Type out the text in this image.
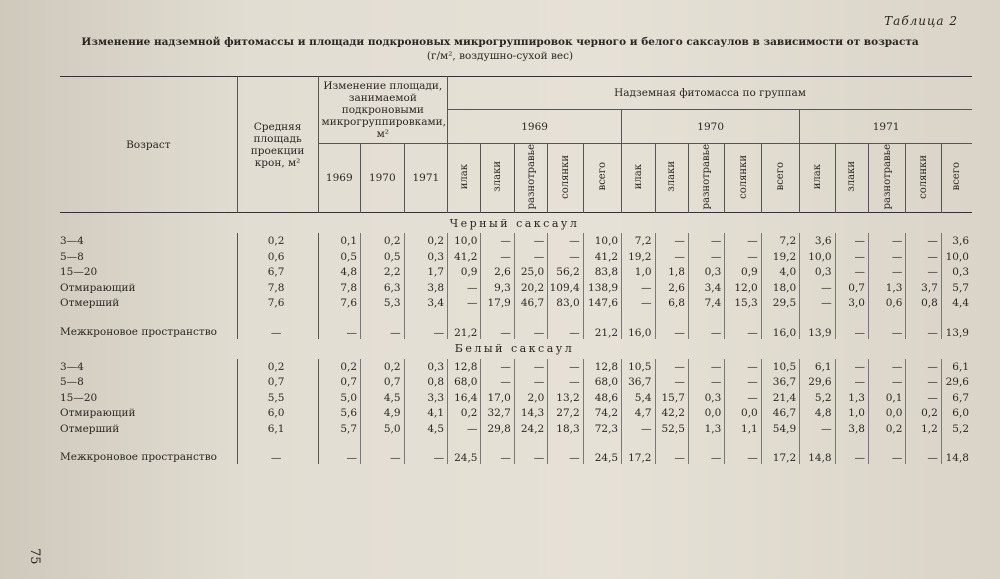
Таблица 2
Изменение надземной фитомассы и площади подкроновых микрогруппировок черного и белого саксаулов в зависимости от возраста
(г/м², воздушно-сухой вес)
Возраст	Средняя площадь проекции крон, м²	Изменение площади, занимаемой подкроновыми микрогруппировками, м²			Надземная фитомасса по группам														
					1969					1970					1971				
		1969	1970	1971	илак	злаки	разнотравье	солянки	всего	илак	злаки	разнотравье	солянки	всего	илак	злаки	разнотравье	солянки	всего

Черный саксаул																			
3—4	0,2	0,1	0,2	0,2	10,0	—	—	—	10,0	7,2	—	—	—	7,2	3,6	—	—	—	3,6
5—8	0,6	0,5	0,5	0,3	41,2	—	—	—	41,2	19,2	—	—	—	19,2	10,0	—	—	—	10,0
15—20	6,7	4,8	2,2	1,7	0,9	2,6	25,0	56,2	83,8	1,0	1,8	0,3	0,9	4,0	0,3	—	—	—	0,3
Отмирающий	7,8	7,8	6,3	3,8	—	9,3	20,2	109,4	138,9	—	2,6	3,4	12,0	18,0	—	0,7	1,3	3,7	5,7
Отмерший	7,6	7,6	5,3	3,4	—	17,9	46,7	83,0	147,6	—	6,8	7,4	15,3	29,5	—	3,0	0,6	0,8	4,4
Межкроновое пространство	—	—	—	—	21,2	—	—	—	21,2	16,0	—	—	—	16,0	13,9	—	—	—	13,9
Белый саксаул																			
3—4	0,2	0,2	0,2	0,3	12,8	—	—	—	12,8	10,5	—	—	—	10,5	6,1	—	—	—	6,1
5—8	0,7	0,7	0,7	0,8	68,0	—	—	—	68,0	36,7	—	—	—	36,7	29,6	—	—	—	29,6
15—20	5,5	5,0	4,5	3,3	16,4	17,0	2,0	13,2	48,6	5,4	15,7	0,3	—	21,4	5,2	1,3	0,1	—	6,7
Отмирающий	6,0	5,6	4,9	4,1	0,2	32,7	14,3	27,2	74,2	4,7	42,2	0,0	0,0	46,7	4,8	1,0	0,0	0,2	6,0
Отмерший	6,1	5,7	5,0	4,5	—	29,8	24,2	18,3	72,3	—	52,5	1,3	1,1	54,9	—	3,8	0,2	1,2	5,2
Межкроновое пространство	—	—	—	—	24,5	—	—	—	24,5	17,2	—	—	—	17,2	14,8	—	—	—	14,8
75
